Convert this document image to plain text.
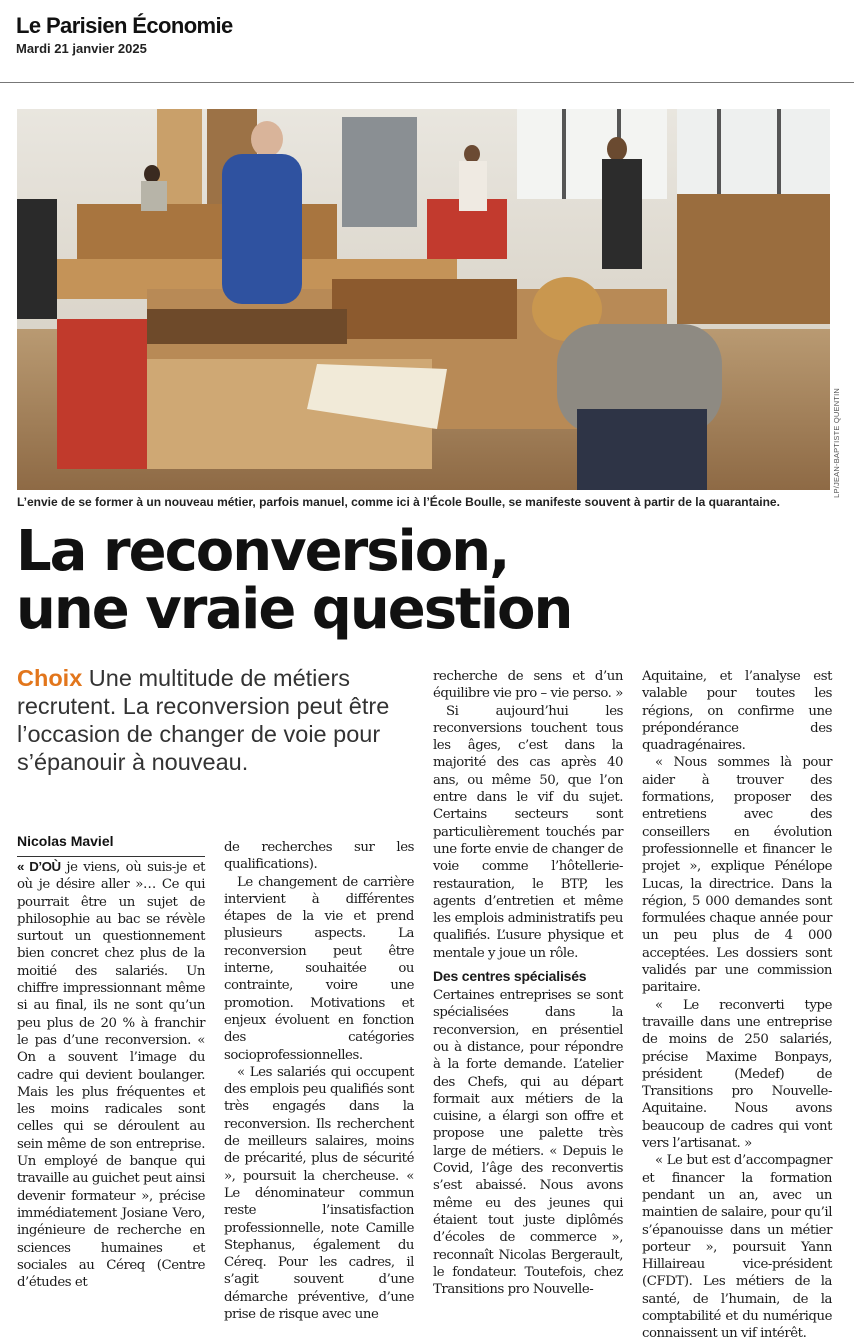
Le Parisien Économie
Mardi 21 janvier 2025
LP/JEAN-BAPTISTE QUENTIN
L’envie de se former à un nouveau métier, parfois manuel, comme ici à l’École Boulle, se manifeste souvent à partir de la quarantaine.
La reconversion,
une vraie question
Choix Une multitude de métiers recrutent. La reconversion peut être l’occasion de changer de voie pour s’épanouir à nouveau.
Nicolas Maviel

« D’OÙ je viens, où suis-je et où je désire aller »… Ce qui pourrait être un sujet de philosophie au bac se révèle surtout un questionnement bien concret chez plus de la moitié des salariés. Un chiffre impressionnant même si au final, ils ne sont qu’un peu plus de 20 % à franchir le pas d’une reconversion. « On a souvent l’image du cadre qui devient boulanger. Mais les plus fréquentes et les moins radicales sont celles qui se déroulent au sein même de son entreprise. Un employé de banque qui travaille au guichet peut ainsi devenir formateur », précise immédiatement Josiane Vero, ingénieure de recherche en sciences humaines et sociales au Céreq (Centre d’études et

de recherches sur les qualifications).

Le changement de carrière intervient à différentes étapes de la vie et prend plusieurs aspects. La reconversion peut être interne, souhaitée ou contrainte, voire une promotion. Motivations et enjeux évoluent en fonction des catégories socioprofessionnelles.

« Les salariés qui occupent des emplois peu qualifiés sont très engagés dans la reconversion. Ils recherchent de meilleurs salaires, moins de précarité, plus de sécurité », poursuit la chercheuse. « Le dénominateur commun reste l’insatisfaction professionnelle, note Camille Stephanus, également du Céreq. Pour les cadres, il s’agit souvent d’une démarche préventive, d’une prise de risque avec une

recherche de sens et d’un équilibre vie pro – vie perso. »

Si aujourd’hui les reconversions touchent tous les âges, c’est dans la majorité des cas après 40 ans, ou même 50, que l’on entre dans le vif du sujet. Certains secteurs sont particulièrement touchés par une forte envie de changer de voie comme l’hôtellerie-restauration, le BTP, les agents d’entretien et même les emplois administratifs peu qualifiés. L’usure physique et mentale y joue un rôle.

Des centres spécialisés

Certaines entreprises se sont spécialisées dans la reconversion, en présentiel ou à distance, pour répondre à la forte demande. L’atelier des Chefs, qui au départ formait aux métiers de la cuisine, a élargi son offre et propose une palette très large de métiers. « Depuis le Covid, l’âge des reconvertis s’est abaissé. Nous avons même eu des jeunes qui étaient tout juste diplômés d’écoles de commerce », reconnaît Nicolas Bergerault, le fondateur. Toutefois, chez Transitions pro Nouvelle-

Aquitaine, et l’analyse est valable pour toutes les régions, on confirme une prépondérance des quadragénaires.

« Nous sommes là pour aider à trouver des formations, proposer des entretiens avec des conseillers en évolution professionnelle et financer le projet », explique Pénélope Lucas, la directrice. Dans la région, 5 000 demandes sont formulées chaque année pour un peu plus de 4 000 acceptées. Les dossiers sont validés par une commission paritaire.

« Le reconverti type travaille dans une entreprise de moins de 250 salariés, précise Maxime Bonpays, président (Medef) de Transitions pro Nouvelle-Aquitaine. Nous avons beaucoup de cadres qui vont vers l’artisanat. »

« Le but est d’accompagner et financer la formation pendant un an, avec un maintien de salaire, pour qu’il s’épanouisse dans un métier porteur », poursuit Yann Hillaireau vice-président (CFDT). Les métiers de la santé, de l’humain, de la comptabilité et du numérique connaissent un vif intérêt.
